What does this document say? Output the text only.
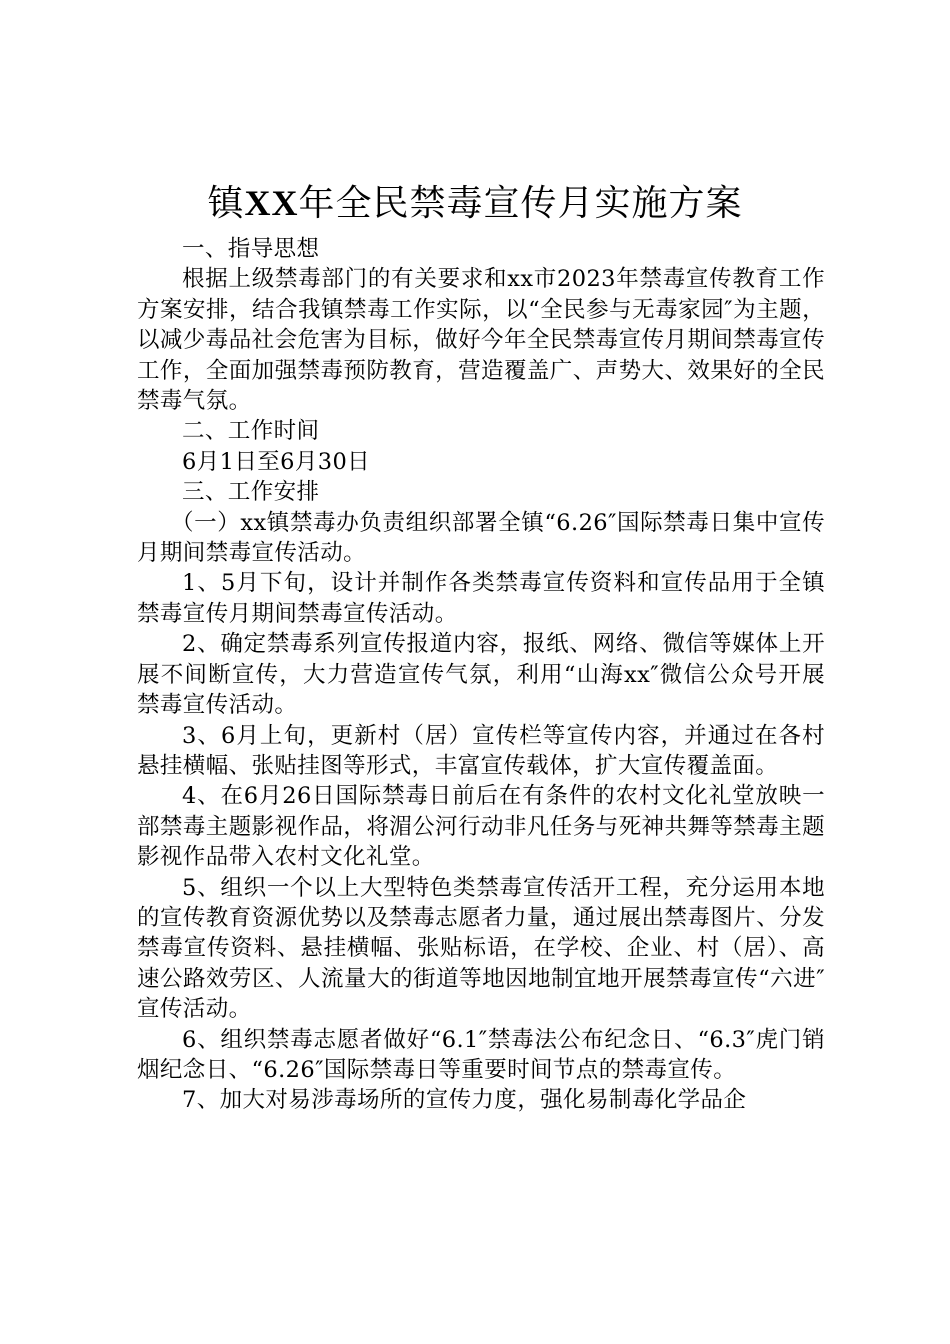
镇XX年全民禁毒宣传月实施方案

一、指导思想

根据上级禁毒部门的有关要求和xx市2023年禁毒宣传教育工作方案安排，结合我镇禁毒工作实际，以“全民参与无毒家园″为主题，以减少毒品社会危害为目标，做好今年全民禁毒宣传月期间禁毒宣传工作，全面加强禁毒预防教育，营造覆盖广、声势大、效果好的全民禁毒气氛。

二、工作时间

6月1日至6月30日

三、工作安排

（一）xx镇禁毒办负责组织部署全镇“6.26″国际禁毒日集中宣传月期间禁毒宣传活动。

1、5月下旬，设计并制作各类禁毒宣传资料和宣传品用于全镇禁毒宣传月期间禁毒宣传活动。

2、确定禁毒系列宣传报道内容，报纸、网络、微信等媒体上开展不间断宣传，大力营造宣传气氛，利用“山海xx″微信公众号开展禁毒宣传活动。

3、6月上旬，更新村（居）宣传栏等宣传内容，并通过在各村悬挂横幅、张贴挂图等形式，丰富宣传载体，扩大宣传覆盖面。

4、在6月26日国际禁毒日前后在有条件的农村文化礼堂放映一部禁毒主题影视作品，将湄公河行动非凡任务与死神共舞等禁毒主题影视作品带入农村文化礼堂。

5、组织一个以上大型特色类禁毒宣传活开工程，充分运用本地的宣传教育资源优势以及禁毒志愿者力量，通过展出禁毒图片、分发禁毒宣传资料、悬挂横幅、张贴标语，在学校、企业、村（居）、高速公路效劳区、人流量大的街道等地因地制宜地开展禁毒宣传“六进″宣传活动。

6、组织禁毒志愿者做好“6.1″禁毒法公布纪念日、“6.3″虎门销烟纪念日、“6.26″国际禁毒日等重要时间节点的禁毒宣传。

7、加大对易涉毒场所的宣传力度，强化易制毒化学品企
